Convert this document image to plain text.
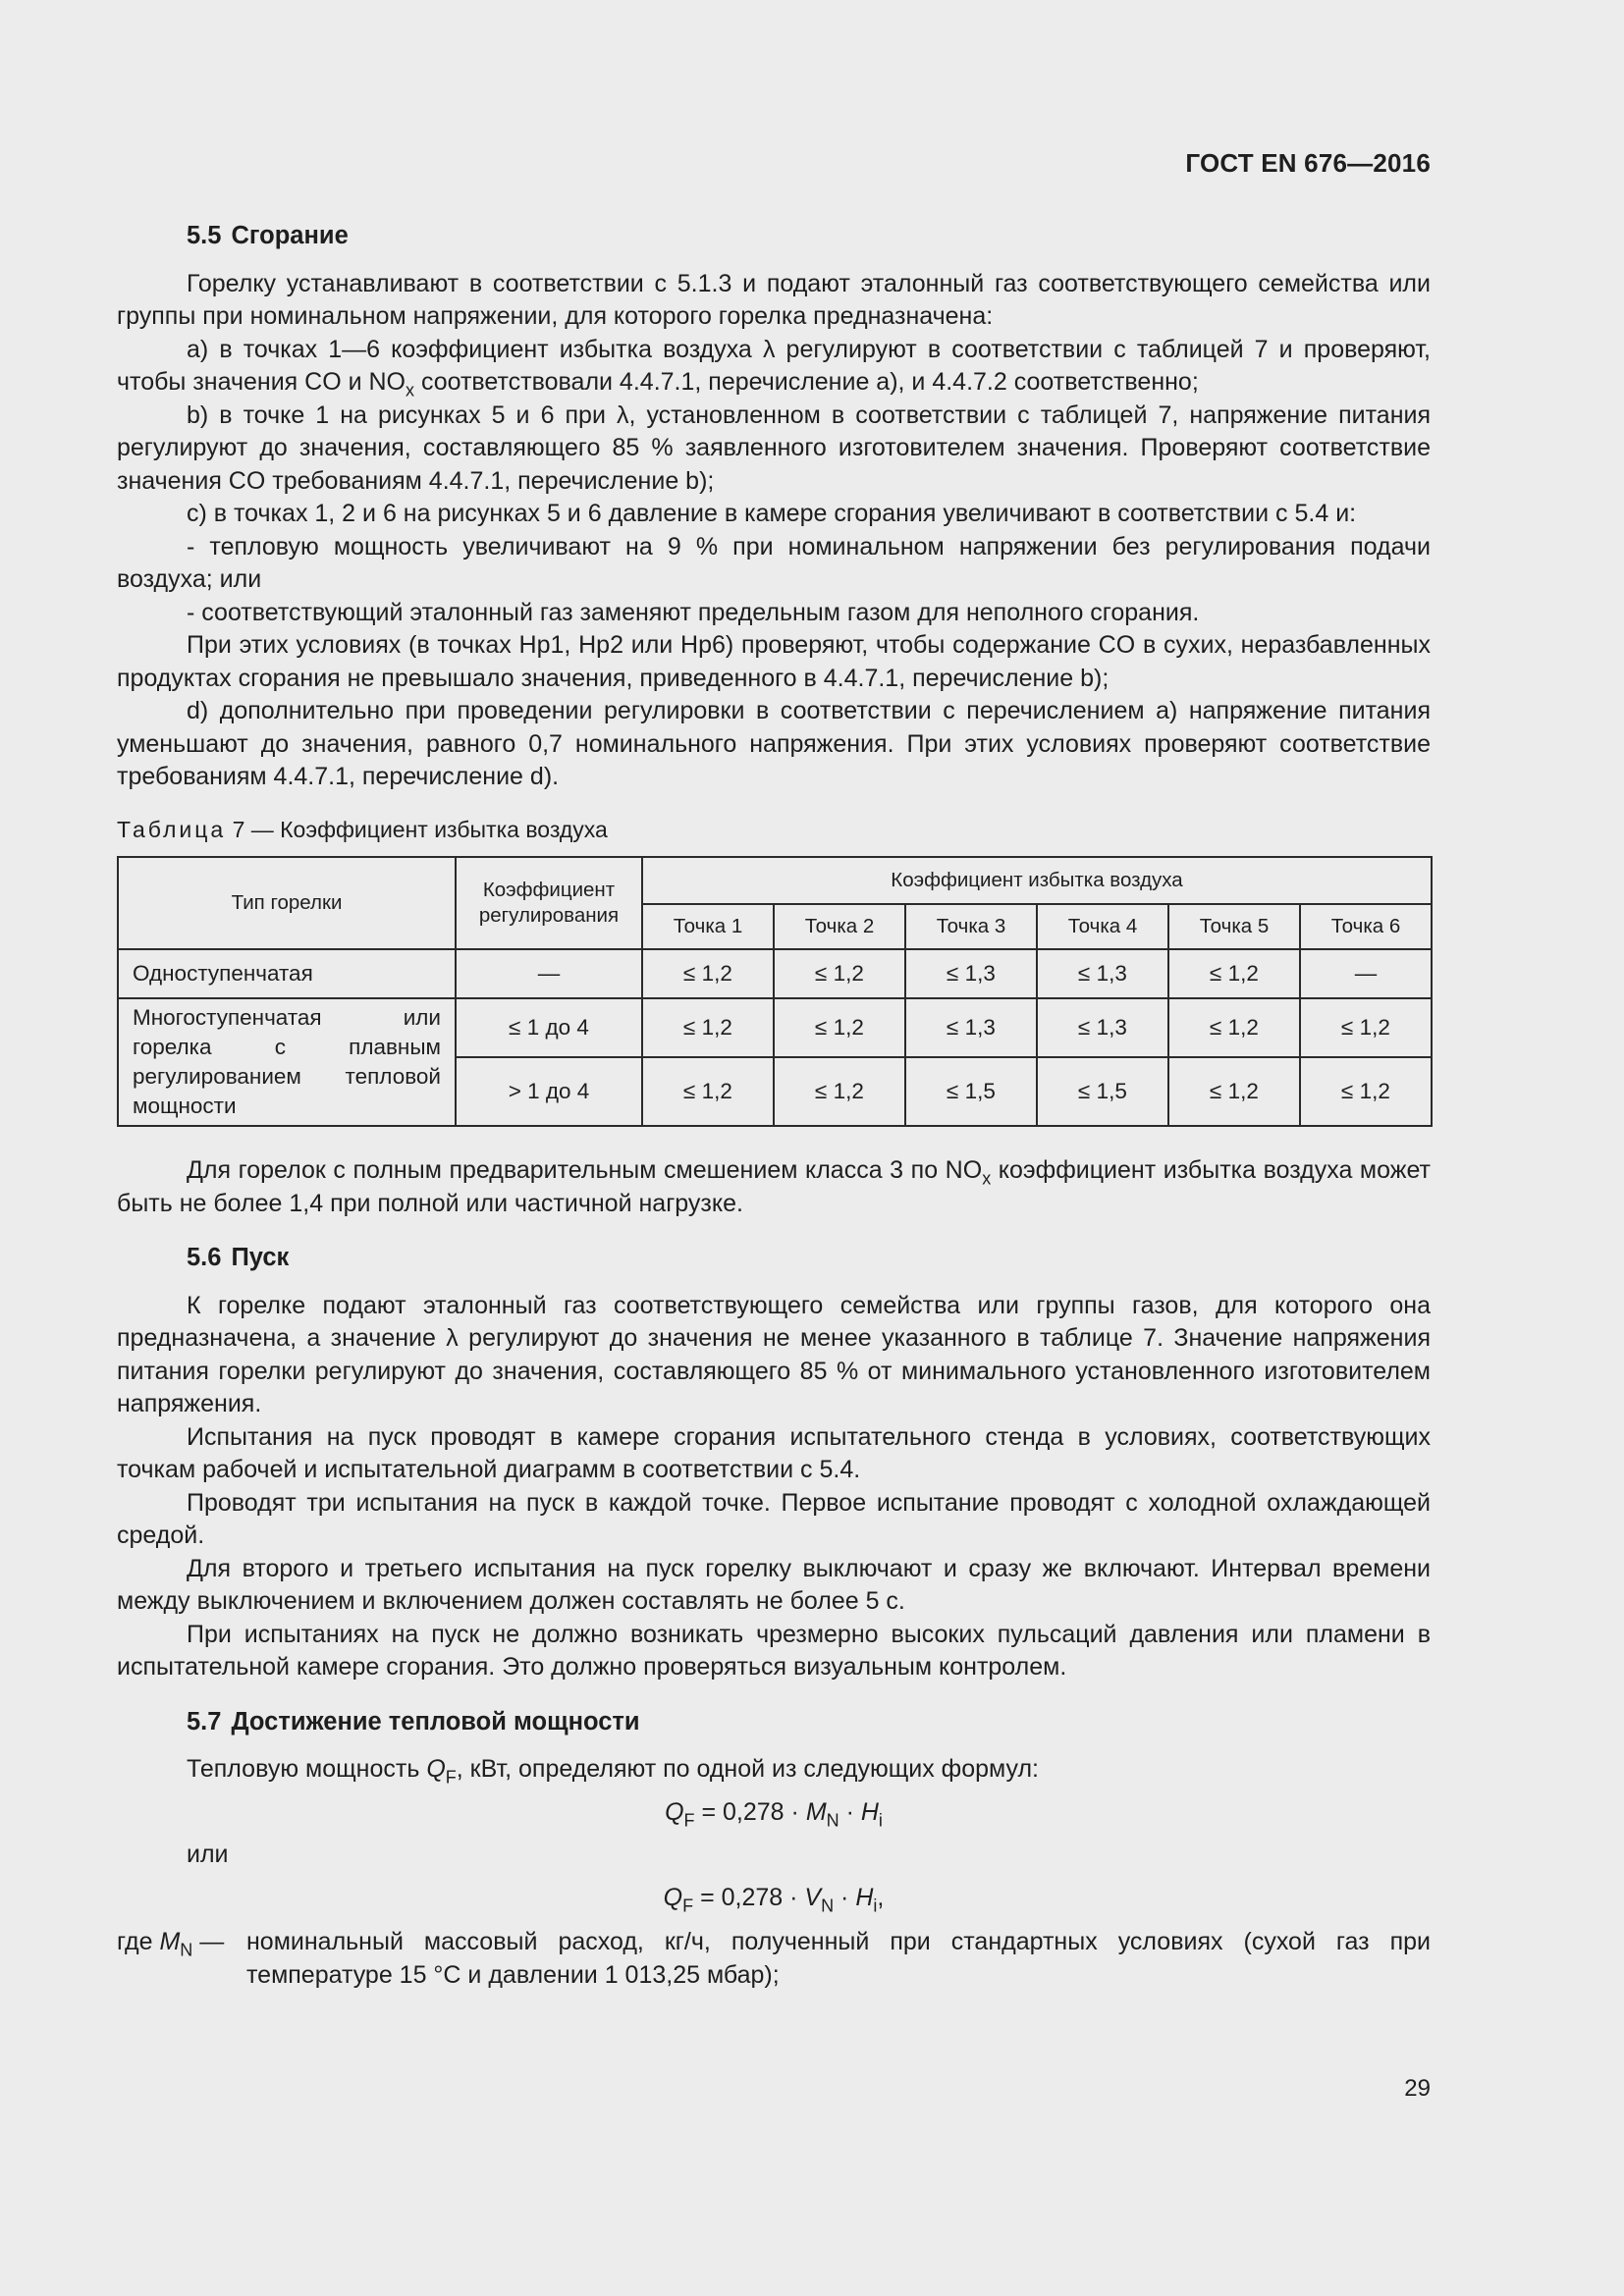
ГОСТ EN 676—2016
5.5 Сгорание

Горелку устанавливают в соответствии с 5.1.3 и подают эталонный газ соответствующего семейства или группы при номинальном напряжении, для которого горелка предназначена:

a) в точках 1—6 коэффициент избытка воздуха λ регулируют в соответствии с таблицей 7 и проверяют, чтобы значения CO и $NO_x$ соответствовали 4.4.7.1, перечисление a), и 4.4.7.2 соответственно;

b) в точке 1 на рисунках 5 и 6 при λ, установленном в соответствии с таблицей 7, напряжение питания регулируют до значения, составляющего 85 % заявленного изготовителем значения. Проверяют соответствие значения CO требованиям 4.4.7.1, перечисление b);

c) в точках 1, 2 и 6 на рисунках 5 и 6 давление в камере сгорания увеличивают в соответствии с 5.4 и:

- тепловую мощность увеличивают на 9 % при номинальном напряжении без регулирования подачи воздуха; или

- соответствующий эталонный газ заменяют предельным газом для неполного сгорания.

При этих условиях (в точках Hp1, Hp2 или Hp6) проверяют, чтобы содержание CO в сухих, неразбавленных продуктах сгорания не превышало значения, приведенного в 4.4.7.1, перечисление b);

d) дополнительно при проведении регулировки в соответствии с перечислением a) напряжение питания уменьшают до значения, равного 0,7 номинального напряжения. При этих условиях проверяют соответствие требованиям 4.4.7.1, перечисление d).

Таблица 7 — Коэффициент избытка воздуха
Тип горелки	Коэффициент регулирования	Коэффициент избытка воздуха					
		Точка 1	Точка 2	Точка 3	Точка 4	Точка 5	Точка 6
Одноступенчатая	—	≤ 1,2	≤ 1,2	≤ 1,3	≤ 1,3	≤ 1,2	—
Многоступенчатая или горелка с плавным регулированием тепловой мощности	≤ 1 до 4	≤ 1,2	≤ 1,2	≤ 1,3	≤ 1,3	≤ 1,2	≤ 1,2
	> 1 до 4	≤ 1,2	≤ 1,2	≤ 1,5	≤ 1,5	≤ 1,2	≤ 1,2

Для горелок с полным предварительным смешением класса 3 по $NO_x$ коэффициент избытка воздуха может быть не более 1,4 при полной или частичной нагрузке.

5.6 Пуск

К горелке подают эталонный газ соответствующего семейства или группы газов, для которого она предназначена, а значение λ регулируют до значения не менее указанного в таблице 7. Значение напряжения питания горелки регулируют до значения, составляющего 85 % от минимального установленного изготовителем напряжения.

Испытания на пуск проводят в камере сгорания испытательного стенда в условиях, соответствующих точкам рабочей и испытательной диаграмм в соответствии с 5.4.

Проводят три испытания на пуск в каждой точке. Первое испытание проводят с холодной охлаждающей средой.

Для второго и третьего испытания на пуск горелку выключают и сразу же включают. Интервал времени между выключением и включением должен составлять не более 5 с.

При испытаниях на пуск не должно возникать чрезмерно высоких пульсаций давления или пламени в испытательной камере сгорания. Это должно проверяться визуальным контролем.

5.7 Достижение тепловой мощности

Тепловую мощность $Q_F$, кВт, определяют по одной из следующих формул:

$Q_F = 0,278 \cdot M_N \cdot H_i$

или

$Q_F = 0,278 \cdot V_N \cdot H_i$,

где $M_N$ — номинальный массовый расход, кг/ч, полученный при стандартных условиях (сухой газ при температуре 15 °C и давлении 1 013,25 мбар);
29
